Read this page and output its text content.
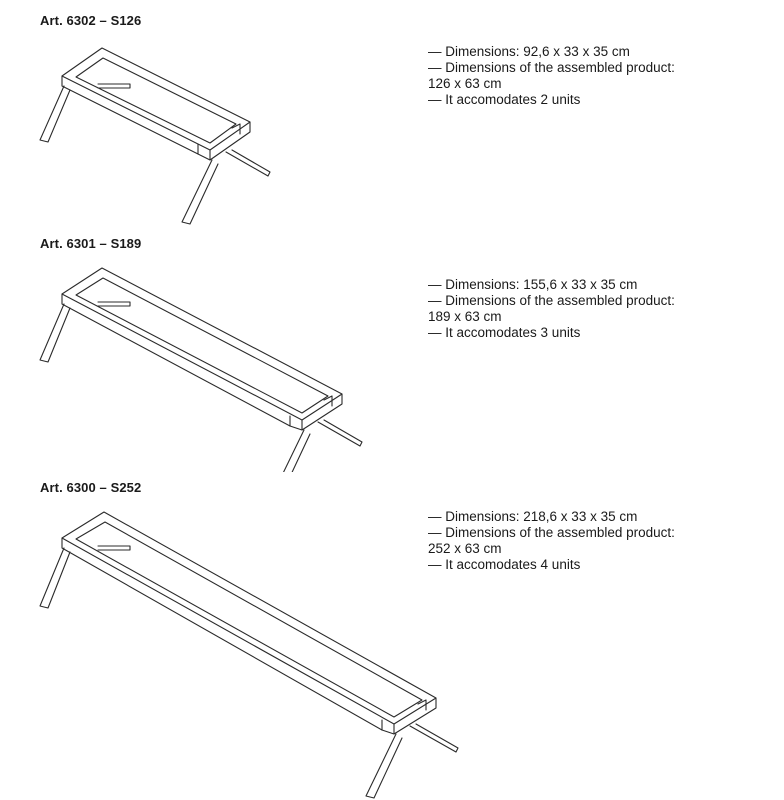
Art. 6302 – S126
— Dimensions: 92,6 x 33 x 35 cm
— Dimensions of the assembled product:
126 x 63 cm
— It accomodates 2 units
Art. 6301 – S189
— Dimensions: 155,6 x 33 x 35 cm
— Dimensions of the assembled product:
189 x 63 cm
— It accomodates 3 units
Art. 6300 – S252
— Dimensions: 218,6 x 33 x 35 cm
— Dimensions of the assembled product:
252 x 63 cm
— It accomodates 4 units
